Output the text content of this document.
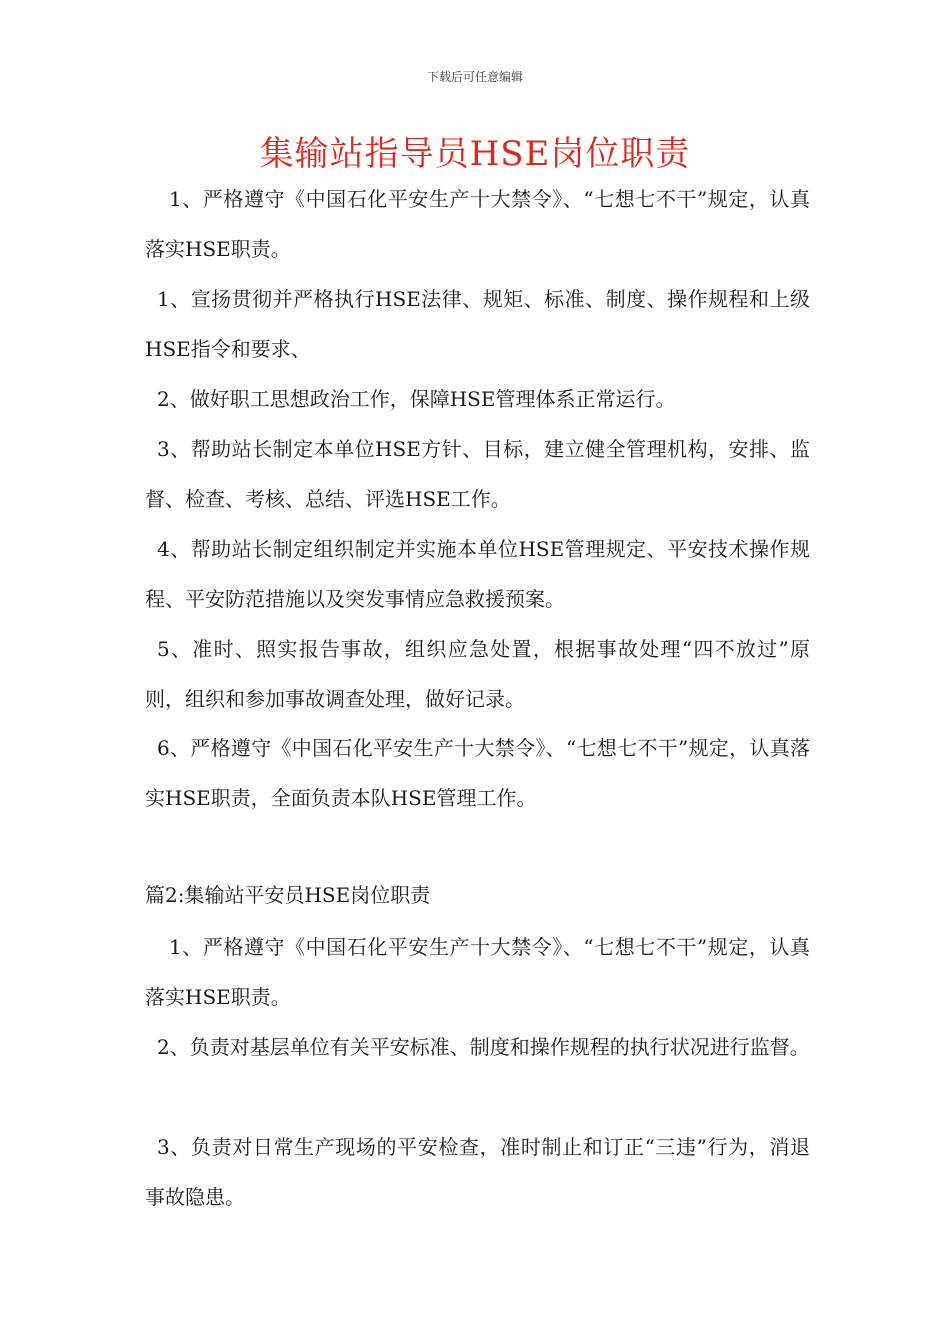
下载后可任意编辑
集输站指导员HSE岗位职责

1、严格遵守《中国石化平安生产十大禁令》、“七想七不干”规定，认真落实HSE职责。

1、宣扬贯彻并严格执行HSE法律、规矩、标准、制度、操作规程和上级HSE指令和要求、

2、做好职工思想政治工作，保障HSE管理体系正常运行。

3、帮助站长制定本单位HSE方针、目标，建立健全管理机构，安排、监督、检查、考核、总结、评选HSE工作。

4、帮助站长制定组织制定并实施本单位HSE管理规定、平安技术操作规程、平安防范措施以及突发事情应急救援预案。

5、准时、照实报告事故，组织应急处置，根据事故处理“四不放过”原则，组织和参加事故调查处理，做好记录。

6、严格遵守《中国石化平安生产十大禁令》、“七想七不干”规定，认真落实HSE职责，全面负责本队HSE管理工作。

篇2:集输站平安员HSE岗位职责

1、严格遵守《中国石化平安生产十大禁令》、“七想七不干”规定，认真落实HSE职责。

2、负责对基层单位有关平安标准、制度和操作规程的执行状况进行监督。

3、负责对日常生产现场的平安检查，准时制止和订正“三违”行为，消退事故隐患。
